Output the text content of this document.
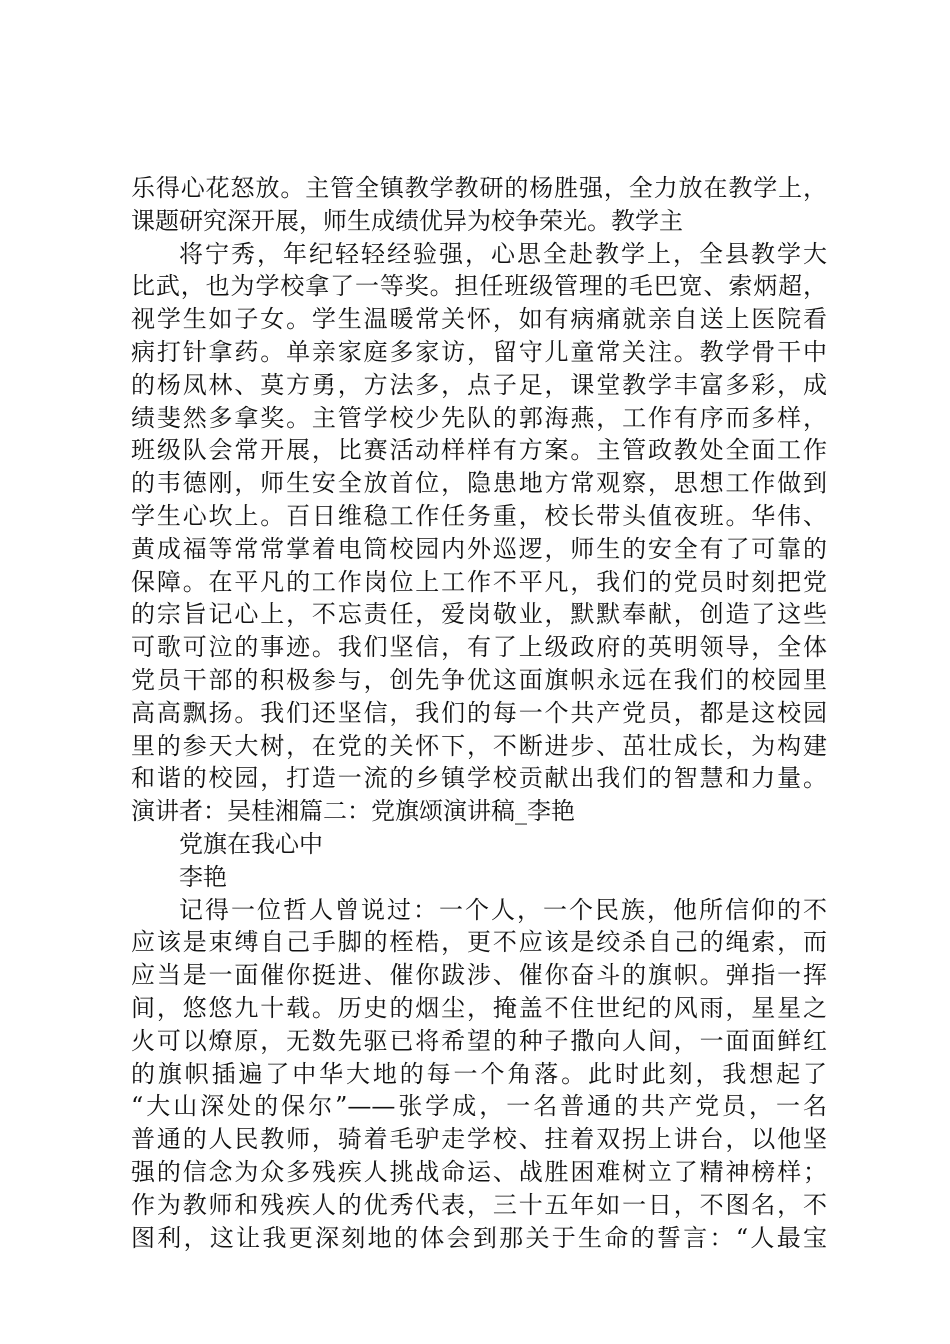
乐得心花怒放。主管全镇教学教研的杨胜强，全力放在教学上，
课题研究深开展，师生成绩优异为校争荣光。教学主
将宁秀，年纪轻轻经验强，心思全赴教学上，全县教学大
比武，也为学校拿了一等奖。担任班级管理的毛巴宽、索炳超，
视学生如子女。学生温暖常关怀，如有病痛就亲自送上医院看
病打针拿药。单亲家庭多家访，留守儿童常关注。教学骨干中
的杨凤林、莫方勇，方法多，点子足，课堂教学丰富多彩，成
绩斐然多拿奖。主管学校少先队的郭海燕，工作有序而多样，
班级队会常开展，比赛活动样样有方案。主管政教处全面工作
的韦德刚，师生安全放首位，隐患地方常观察，思想工作做到
学生心坎上。百日维稳工作任务重，校长带头值夜班。华伟、
黄成福等常常掌着电筒校园内外巡逻，师生的安全有了可靠的
保障。在平凡的工作岗位上工作不平凡，我们的党员时刻把党
的宗旨记心上，不忘责任，爱岗敬业，默默奉献，创造了这些
可歌可泣的事迹。我们坚信，有了上级政府的英明领导，全体
党员干部的积极参与，创先争优这面旗帜永远在我们的校园里
高高飘扬。我们还坚信，我们的每一个共产党员，都是这校园
里的参天大树，在党的关怀下，不断进步、茁壮成长，为构建
和谐的校园，打造一流的乡镇学校贡献出我们的智慧和力量。
演讲者：吴桂湘篇二：党旗颂演讲稿_李艳
党旗在我心中
李艳
记得一位哲人曾说过：一个人，一个民族，他所信仰的不
应该是束缚自己手脚的桎梏，更不应该是绞杀自己的绳索，而
应当是一面催你挺进、催你跋涉、催你奋斗的旗帜。弹指一挥
间，悠悠九十载。历史的烟尘，掩盖不住世纪的风雨，星星之
火可以燎原，无数先驱已将希望的种子撒向人间，一面面鲜红
的旗帜插遍了中华大地的每一个角落。此时此刻，我想起了
“大山深处的保尔”——张学成，一名普通的共产党员，一名
普通的人民教师，骑着毛驴走学校、拄着双拐上讲台，以他坚
强的信念为众多残疾人挑战命运、战胜困难树立了精神榜样；
作为教师和残疾人的优秀代表，三十五年如一日，不图名，不
图利，这让我更深刻地的体会到那关于生命的誓言：“人最宝
